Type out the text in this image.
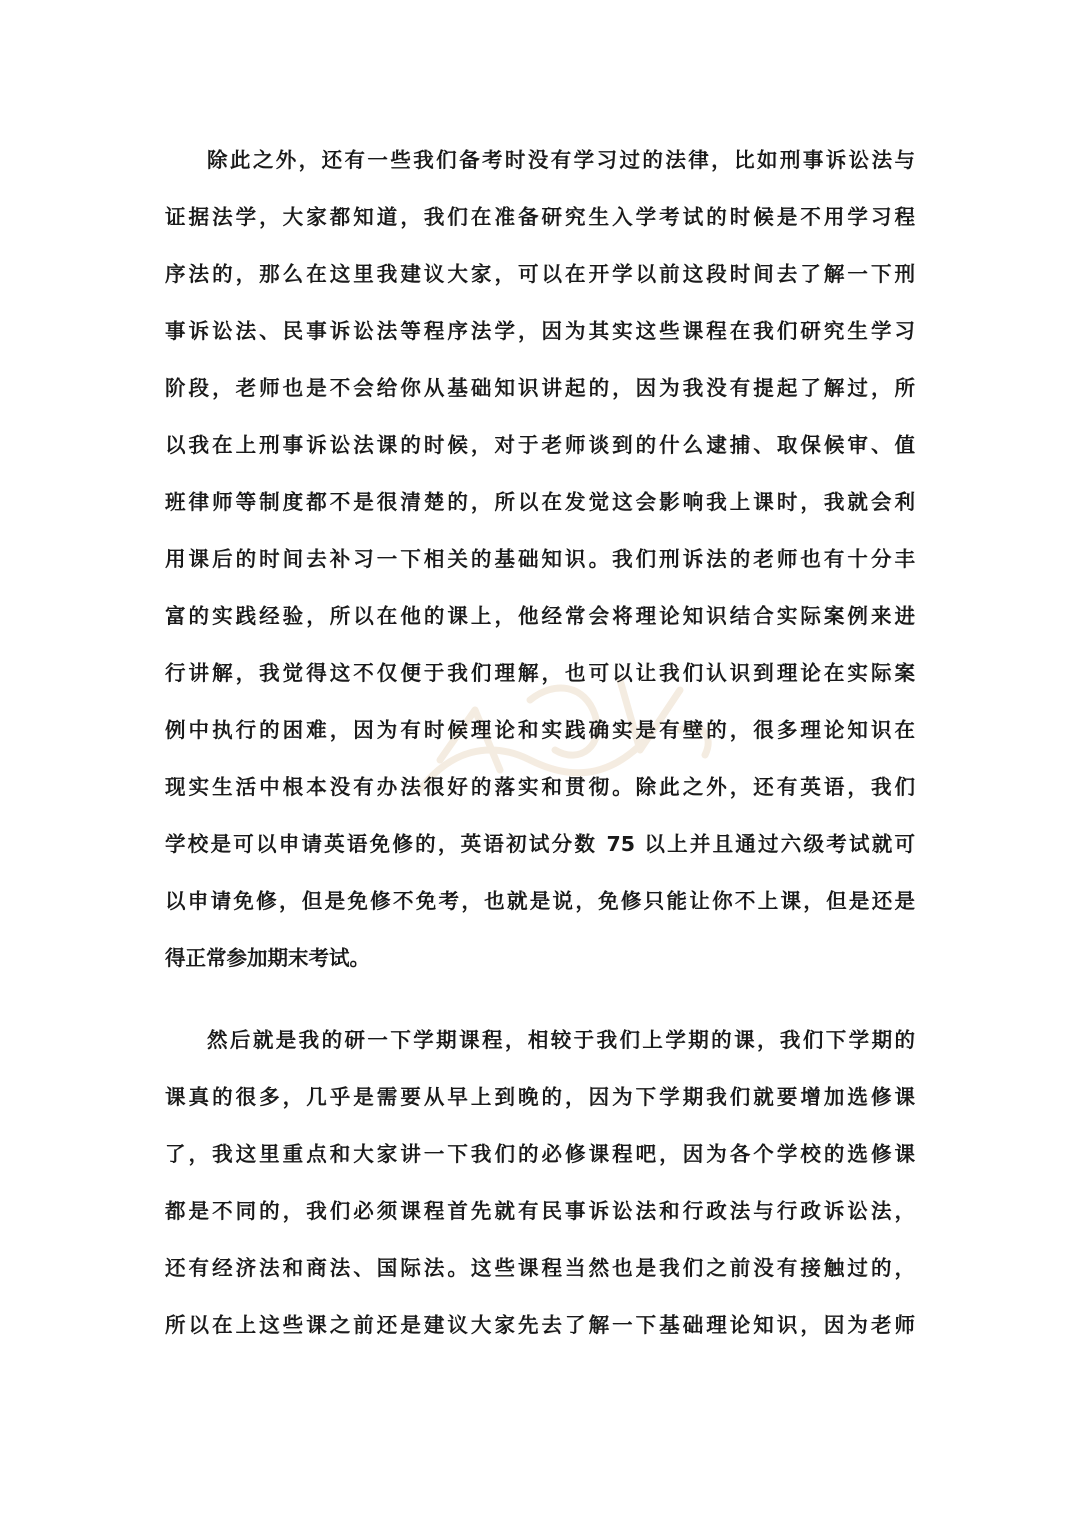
除此之外，还有一些我们备考时没有学习过的法律，比如刑事诉讼法与
证据法学，大家都知道，我们在准备研究生入学考试的时候是不用学习程
序法的，那么在这里我建议大家，可以在开学以前这段时间去了解一下刑
事诉讼法、民事诉讼法等程序法学，因为其实这些课程在我们研究生学习
阶段，老师也是不会给你从基础知识讲起的，因为我没有提起了解过，所
以我在上刑事诉讼法课的时候，对于老师谈到的什么逮捕、取保候审、值
班律师等制度都不是很清楚的，所以在发觉这会影响我上课时，我就会利
用课后的时间去补习一下相关的基础知识。我们刑诉法的老师也有十分丰
富的实践经验，所以在他的课上，他经常会将理论知识结合实际案例来进
行讲解，我觉得这不仅便于我们理解，也可以让我们认识到理论在实际案
例中执行的困难，因为有时候理论和实践确实是有壁的，很多理论知识在
现实生活中根本没有办法很好的落实和贯彻。除此之外，还有英语，我们
学校是可以申请英语免修的，英语初试分数 75 以上并且通过六级考试就可
以申请免修，但是免修不免考，也就是说，免修只能让你不上课，但是还是
得正常参加期末考试。
然后就是我的研一下学期课程，相较于我们上学期的课，我们下学期的
课真的很多，几乎是需要从早上到晚的，因为下学期我们就要增加选修课
了，我这里重点和大家讲一下我们的必修课程吧，因为各个学校的选修课
都是不同的，我们必须课程首先就有民事诉讼法和行政法与行政诉讼法，
还有经济法和商法、国际法。这些课程当然也是我们之前没有接触过的，
所以在上这些课之前还是建议大家先去了解一下基础理论知识，因为老师
